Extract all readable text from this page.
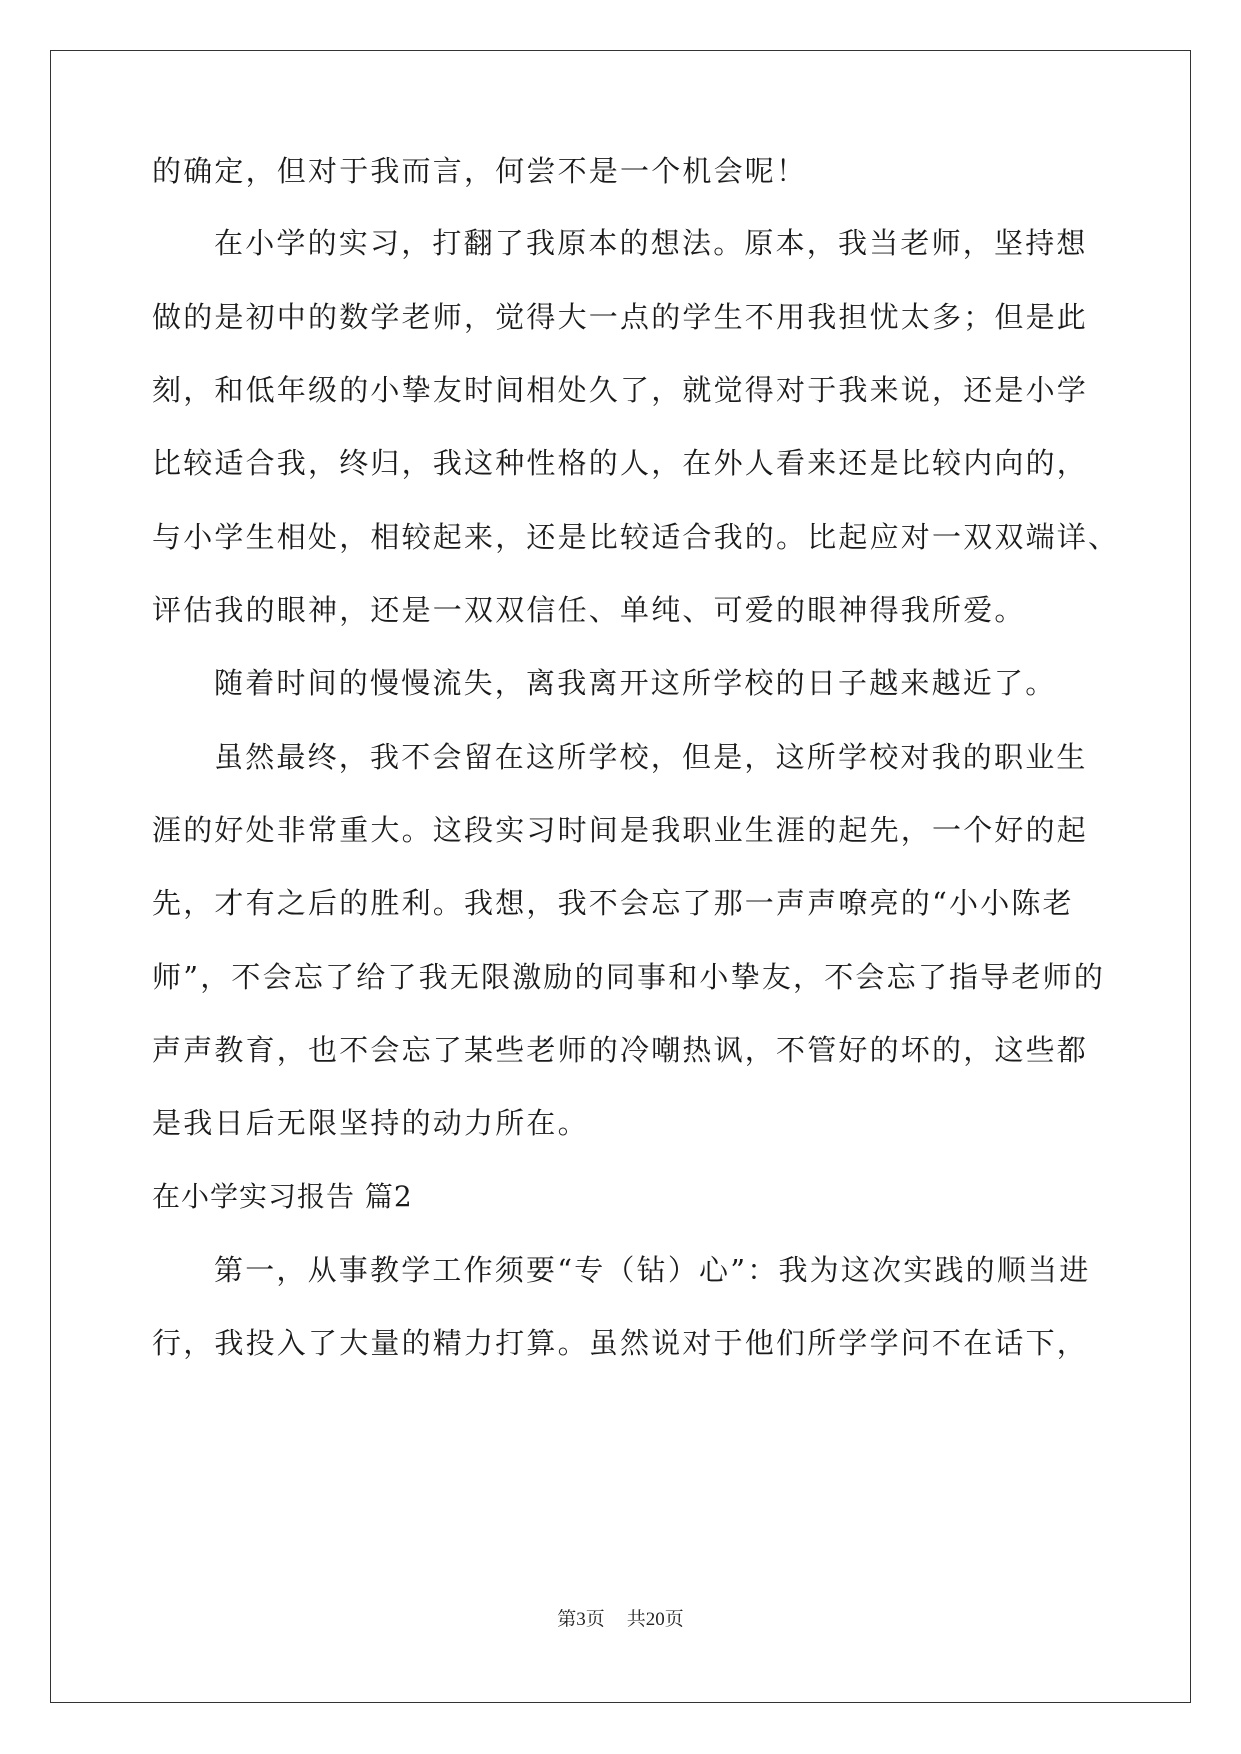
的确定，但对于我而言，何尝不是一个机会呢！
在小学的实习，打翻了我原本的想法。原本，我当老师，坚持想
做的是初中的数学老师，觉得大一点的学生不用我担忧太多；但是此
刻，和低年级的小挚友时间相处久了，就觉得对于我来说，还是小学
比较适合我，终归，我这种性格的人，在外人看来还是比较内向的，
与小学生相处，相较起来，还是比较适合我的。比起应对一双双端详、
评估我的眼神，还是一双双信任、单纯、可爱的眼神得我所爱。
随着时间的慢慢流失，离我离开这所学校的日子越来越近了。
虽然最终，我不会留在这所学校，但是，这所学校对我的职业生
涯的好处非常重大。这段实习时间是我职业生涯的起先，一个好的起
先，才有之后的胜利。我想，我不会忘了那一声声嘹亮的“小小陈老
师”，不会忘了给了我无限激励的同事和小挚友，不会忘了指导老师的
声声教育，也不会忘了某些老师的冷嘲热讽，不管好的坏的，这些都
是我日后无限坚持的动力所在。
在小学实习报告 篇2
第一，从事教学工作须要“专（钻）心”：我为这次实践的顺当进
行，我投入了大量的精力打算。虽然说对于他们所学学问不在话下，
第3页 共20页
